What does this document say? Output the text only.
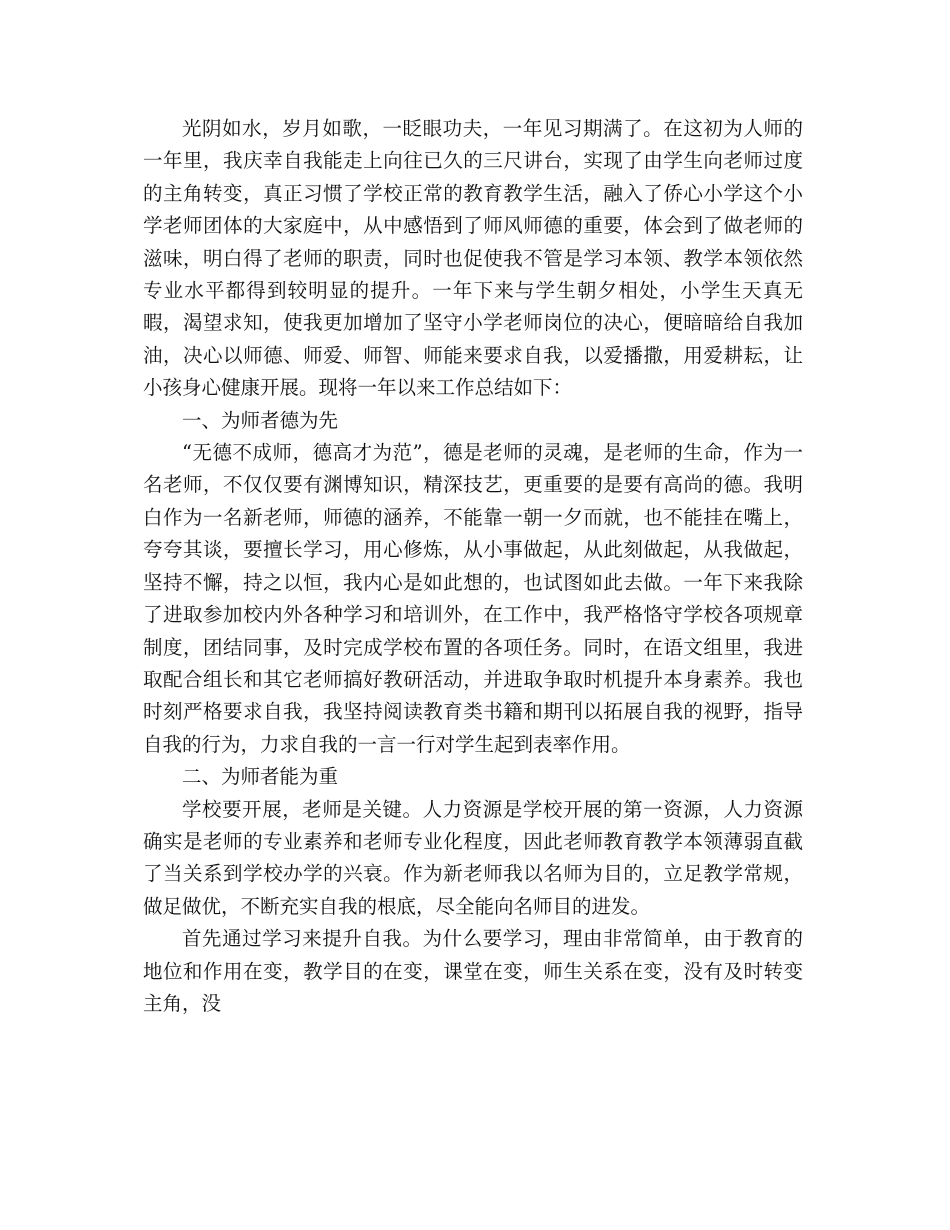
光阴如水，岁月如歌，一眨眼功夫，一年见习期满了。在这初为人师的一年里，我庆幸自我能走上向往已久的三尺讲台，实现了由学生向老师过度的主角转变，真正习惯了学校正常的教育教学生活，融入了侨心小学这个小学老师团体的大家庭中，从中感悟到了师风师德的重要，体会到了做老师的滋味，明白得了老师的职责，同时也促使我不管是学习本领、教学本领依然专业水平都得到较明显的提升。一年下来与学生朝夕相处，小学生天真无暇，渴望求知，使我更加增加了坚守小学老师岗位的决心，便暗暗给自我加油，决心以师德、师爱、师智、师能来要求自我，以爱播撒，用爱耕耘，让小孩身心健康开展。现将一年以来工作总结如下：

一、为师者德为先

“无德不成师，德高才为范”，德是老师的灵魂，是老师的生命，作为一名老师，不仅仅要有渊博知识，精深技艺，更重要的是要有高尚的德。我明白作为一名新老师，师德的涵养，不能靠一朝一夕而就，也不能挂在嘴上，夸夸其谈，要擅长学习，用心修炼，从小事做起，从此刻做起，从我做起，坚持不懈，持之以恒，我内心是如此想的，也试图如此去做。一年下来我除了进取参加校内外各种学习和培训外，在工作中，我严格恪守学校各项规章制度，团结同事，及时完成学校布置的各项任务。同时，在语文组里，我进取配合组长和其它老师搞好教研活动，并进取争取时机提升本身素养。我也时刻严格要求自我，我坚持阅读教育类书籍和期刊以拓展自我的视野，指导自我的行为，力求自我的一言一行对学生起到表率作用。

二、为师者能为重

学校要开展，老师是关键。人力资源是学校开展的第一资源，人力资源确实是老师的专业素养和老师专业化程度，因此老师教育教学本领薄弱直截了当关系到学校办学的兴衰。作为新老师我以名师为目的，立足教学常规，做足做优，不断充实自我的根底，尽全能向名师目的进发。

首先通过学习来提升自我。为什么要学习，理由非常简单，由于教育的地位和作用在变，教学目的在变，课堂在变，师生关系在变，没有及时转变主角，没
